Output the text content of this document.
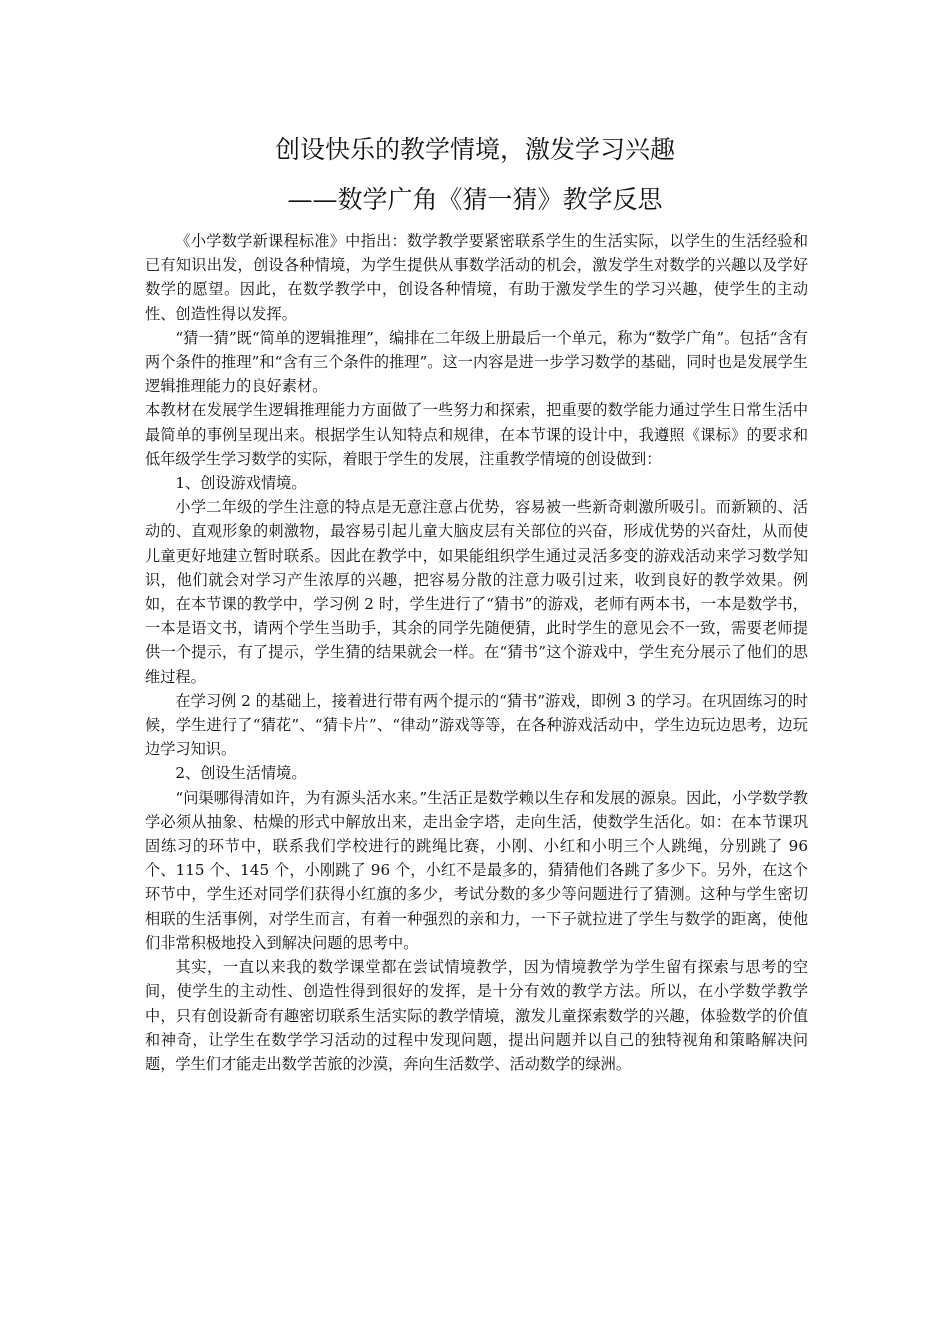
创设快乐的教学情境，激发学习兴趣
——数学广角《猜一猜》教学反思

《小学数学新课程标准》中指出：数学教学要紧密联系学生的生活实际，以学生的生活经验和已有知识出发，创设各种情境，为学生提供从事数学活动的机会，激发学生对数学的兴趣以及学好数学的愿望。因此，在数学教学中，创设各种情境，有助于激发学生的学习兴趣，使学生的主动性、创造性得以发挥。

“猜一猜”既“简单的逻辑推理”，编排在二年级上册最后一个单元，称为“数学广角”。包括“含有两个条件的推理”和“含有三个条件的推理”。这一内容是进一步学习数学的基础，同时也是发展学生逻辑推理能力的良好素材。

本教材在发展学生逻辑推理能力方面做了一些努力和探索，把重要的数学能力通过学生日常生活中最简单的事例呈现出来。根据学生认知特点和规律，在本节课的设计中，我遵照《课标》的要求和低年级学生学习数学的实际，着眼于学生的发展，注重教学情境的创设做到：

1、创设游戏情境。

小学二年级的学生注意的特点是无意注意占优势，容易被一些新奇刺激所吸引。而新颖的、活动的、直观形象的刺激物，最容易引起儿童大脑皮层有关部位的兴奋，形成优势的兴奋灶，从而使儿童更好地建立暂时联系。因此在教学中，如果能组织学生通过灵活多变的游戏活动来学习数学知识，他们就会对学习产生浓厚的兴趣，把容易分散的注意力吸引过来，收到良好的教学效果。例如，在本节课的教学中，学习例 2 时，学生进行了“猜书”的游戏，老师有两本书，一本是数学书，一本是语文书，请两个学生当助手，其余的同学先随便猜，此时学生的意见会不一致，需要老师提供一个提示，有了提示，学生猜的结果就会一样。在“猜书”这个游戏中，学生充分展示了他们的思维过程。

在学习例 2 的基础上，接着进行带有两个提示的“猜书”游戏，即例 3 的学习。在巩固练习的时候，学生进行了“猜花”、“猜卡片”、“律动”游戏等等，在各种游戏活动中，学生边玩边思考，边玩边学习知识。

2、创设生活情境。

“问渠哪得清如许，为有源头活水来。”生活正是数学赖以生存和发展的源泉。因此，小学数学教学必须从抽象、枯燥的形式中解放出来，走出金字塔，走向生活，使数学生活化。如：在本节课巩固练习的环节中，联系我们学校进行的跳绳比赛，小刚、小红和小明三个人跳绳，分别跳了 96 个、115 个、145 个，小刚跳了 96 个，小红不是最多的，猜猜他们各跳了多少下。另外，在这个环节中，学生还对同学们获得小红旗的多少，考试分数的多少等问题进行了猜测。这种与学生密切相联的生活事例，对学生而言，有着一种强烈的亲和力，一下子就拉进了学生与数学的距离，使他们非常积极地投入到解决问题的思考中。

其实，一直以来我的数学课堂都在尝试情境教学，因为情境教学为学生留有探索与思考的空间，使学生的主动性、创造性得到很好的发挥，是十分有效的教学方法。所以，在小学数学教学中，只有创设新奇有趣密切联系生活实际的教学情境，激发儿童探索数学的兴趣，体验数学的价值和神奇，让学生在数学学习活动的过程中发现问题，提出问题并以自己的独特视角和策略解决问题，学生们才能走出数学苦旅的沙漠，奔向生活数学、活动数学的绿洲。
